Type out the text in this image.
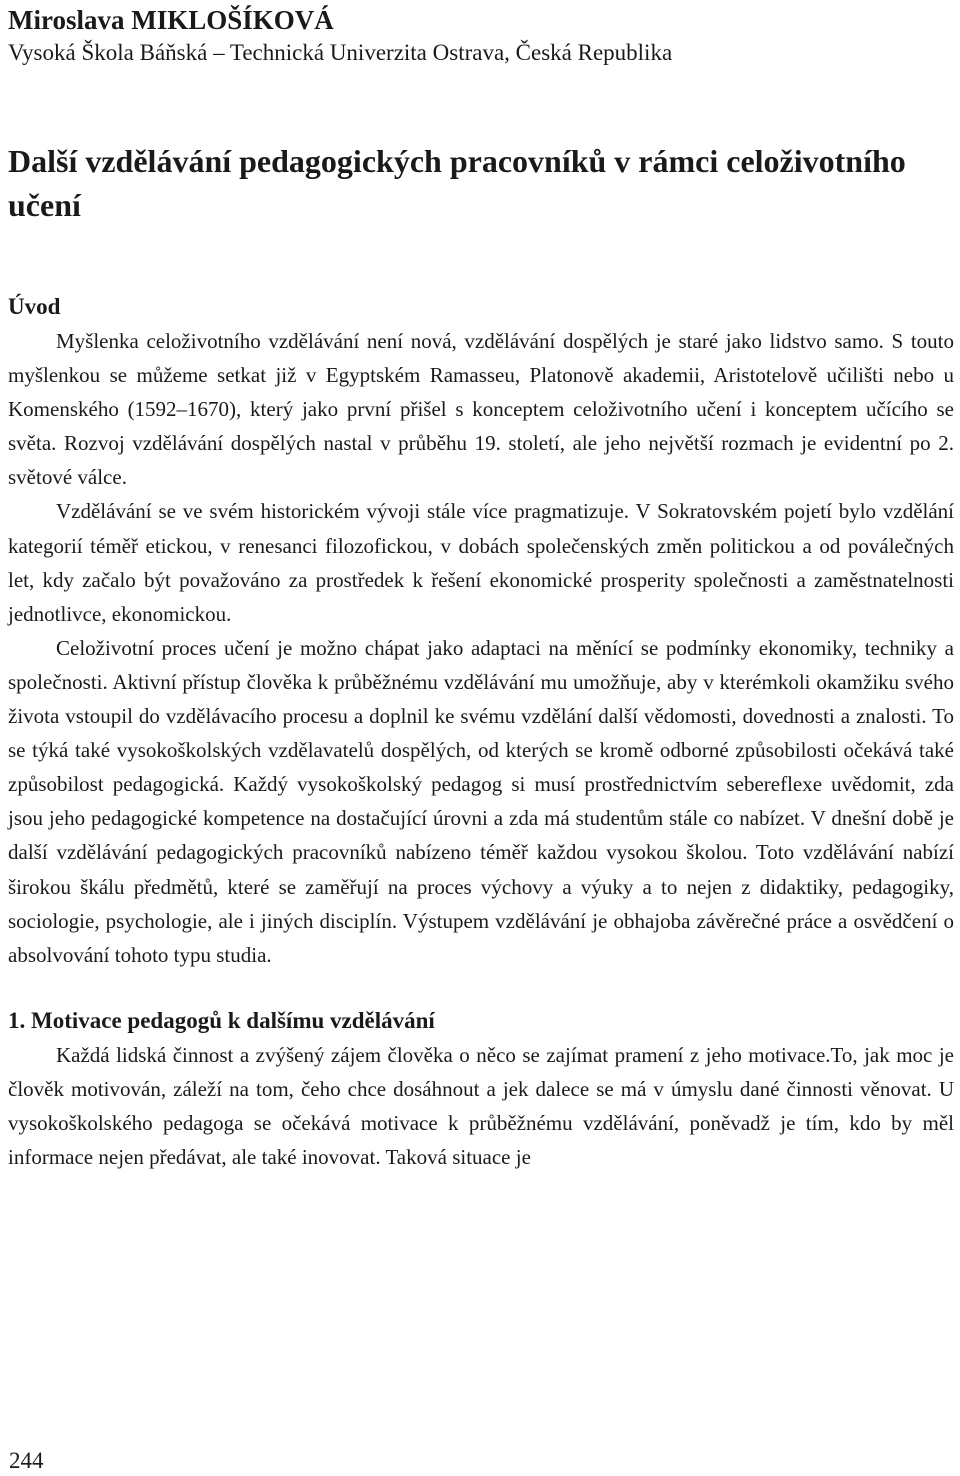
Miroslava MIKLOŠÍKOVÁ

Vysoká Škola Báňská – Technická Univerzita Ostrava, Česká Republika

Další vzdělávání pedagogických pracovníků v rámci celoživotního učení
Úvod

Myšlenka celoživotního vzdělávání není nová, vzdělávání dospělých je staré jako lidstvo samo. S touto myšlenkou se můžeme setkat již v Egyptském Ramasseu, Platonově akademii, Aristotelově učilišti nebo u Komenského (1592–1670), který jako první přišel s konceptem celoživotního učení i konceptem učícího se světa. Rozvoj vzdělávání dospělých nastal v průběhu 19. století, ale jeho největší rozmach je evidentní po 2. světové válce.

Vzdělávání se ve svém historickém vývoji stále více pragmatizuje. V Sokratovském pojetí bylo vzdělání kategorií téměř etickou, v renesanci filozofickou, v dobách společenských změn politickou a od poválečných let, kdy začalo být považováno za prostředek k řešení ekonomické prosperity společnosti a zaměstnatelnosti jednotlivce, ekonomickou.

Celoživotní proces učení je možno chápat jako adaptaci na měnící se podmínky ekonomiky, techniky a společnosti. Aktivní přístup člověka k průběžnému vzdělávání mu umožňuje, aby v kterémkoli okamžiku svého života vstoupil do vzdělávacího procesu a doplnil ke svému vzdělání další vědomosti, dovednosti a znalosti. To se týká také vysokoškolských vzdělavatelů dospělých, od kterých se kromě odborné způsobilosti očekává také způsobilost pedagogická. Každý vysokoškolský pedagog si musí prostřednictvím sebereflexe uvědomit, zda jsou jeho pedagogické kompetence na dostačující úrovni a zda má studentům stále co nabízet. V dnešní době je další vzdělávání pedagogických pracovníků nabízeno téměř každou vysokou školou. Toto vzdělávání nabízí širokou škálu předmětů, které se zaměřují na proces výchovy a výuky a to nejen z didaktiky, pedagogiky, sociologie, psychologie, ale i jiných disciplín. Výstupem vzdělávání je obhajoba závěrečné práce a osvědčení o absolvování tohoto typu studia.

1. Motivace pedagogů k dalšímu vzdělávání

Každá lidská činnost a zvýšený zájem člověka o něco se zajímat pramení z jeho motivace.To, jak moc je člověk motivován, záleží na tom, čeho chce dosáhnout a jek dalece se má v úmyslu dané činnosti věnovat. U vysokoškolského pedagoga se očekává motivace k průběžnému vzdělávání, poněvadž je tím, kdo by měl informace nejen předávat, ale také inovovat. Taková situace je

244
